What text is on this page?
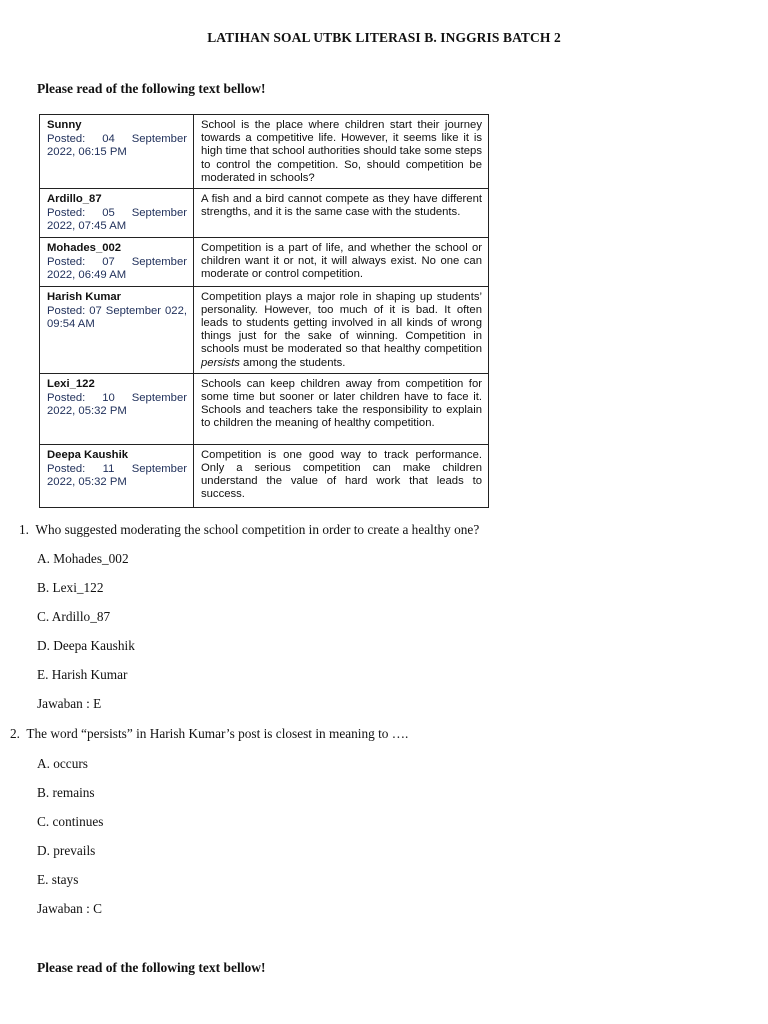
LATIHAN SOAL UTBK LITERASI B. INGGRIS BATCH 2
Please read of the following text bellow!
Sunny
Posted: 04 September 2022, 06:15 PM	School is the place where children start their journey towards a competitive life. However, it seems like it is high time that school authorities should take some steps to control the competition. So, should competition be moderated in schools?

Ardillo_87
Posted: 05 September 2022, 07:45 AM	A fish and a bird cannot compete as they have different strengths, and it is the same case with the students.

Mohades_002
Posted: 07 September 2022, 06:49 AM	Competition is a part of life, and whether the school or children want it or not, it will always exist. No one can moderate or control competition.

Harish Kumar
Posted: 07 September 022, 09:54 AM	Competition plays a major role in shaping up students’ personality. However, too much of it is bad. It often leads to students getting involved in all kinds of wrong things just for the sake of winning. Competition in schools must be moderated so that healthy competition persists among the students.

Lexi_122
Posted: 10 September 2022, 05:32 PM	Schools can keep children away from competition for some time but sooner or later children have to face it. Schools and teachers take the responsibility to explain to children the meaning of healthy competition.

Deepa Kaushik
Posted: 11 September 2022, 05:32 PM	Competition is one good way to track performance. Only a serious competition can make children understand the value of hard work that leads to success.
1. Who suggested moderating the school competition in order to create a healthy one?
A. Mohades_002
B. Lexi_122
C. Ardillo_87
D. Deepa Kaushik
E. Harish Kumar
Jawaban : E
2. The word “persists” in Harish Kumar’s post is closest in meaning to ….
A. occurs
B. remains
C. continues
D. prevails
E. stays
Jawaban : C
Please read of the following text bellow!
